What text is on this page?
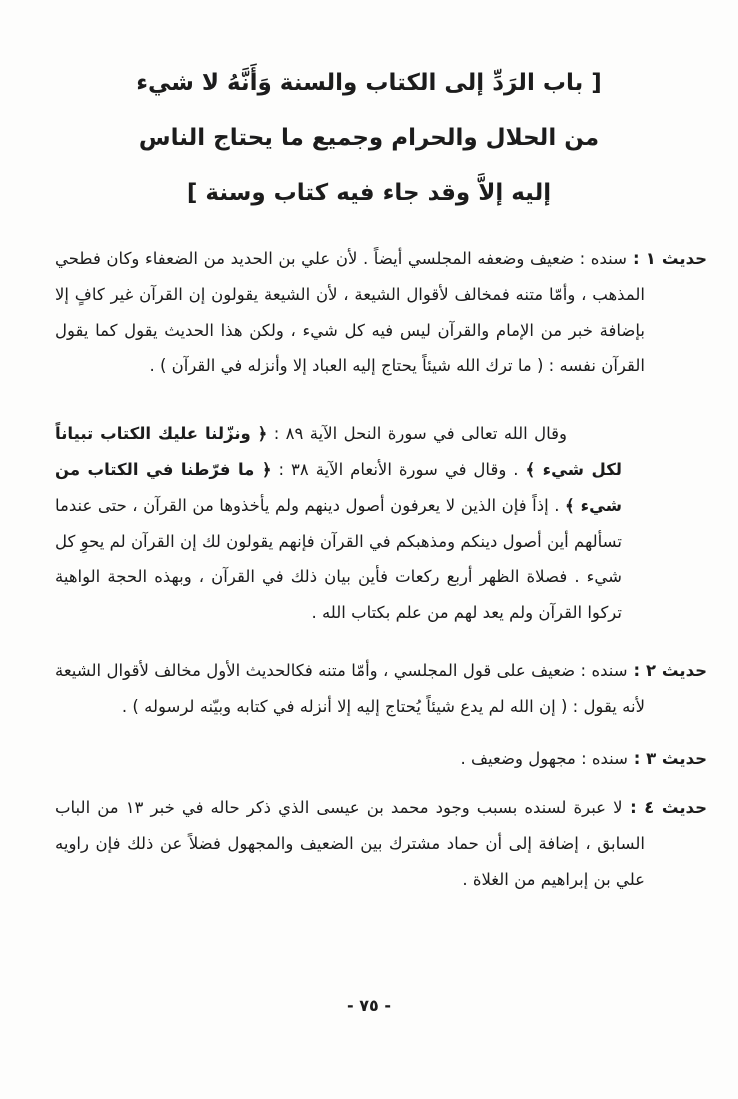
[ باب الرَدِّ إلى الكتاب والسنة وَأَنَّهُ لا شيء
من الحلال والحرام وجميع ما يحتاج الناس
إليه إلاَّ وقد جاء فيه كتاب وسنة ]

حديث ١ : سنده : ضعيف وضعفه المجلسي أيضاً . لأن علي بن الحديد من الضعفاء وكان فطحي المذهب ، وأمّا متنه فمخالف لأقوال الشيعة ، لأن الشيعة يقولون إن القرآن غير كافٍ إلا بإضافة خبر من الإمام والقرآن ليس فيه كل شيء ، ولكن هذا الحديث يقول كما يقول القرآن نفسه : ( ما ترك الله شيئاً يحتاج إليه العباد إلا وأنزله في القرآن ) .

وقال الله تعالى في سورة النحل الآية ٨٩ : ﴿ ونزّلنا عليك الكتاب تبياناً لكل شيء ﴾ . وقال في سورة الأنعام الآية ٣٨ : ﴿ ما فرّطنا في الكتاب من شيء ﴾ . إذاً فإن الذين لا يعرفون أصول دينهم ولم يأخذوها من القرآن ، حتى عندما تسألهم أين أصول دينكم ومذهبكم في القرآن فإنهم يقولون لك إن القرآن لم يحوِ كل شيء . فصلاة الظهر أربع ركعات فأين بيان ذلك في القرآن ، وبهذه الحجة الواهية تركوا القرآن ولم يعد لهم من علم بكتاب الله .

حديث ٢ : سنده : ضعيف على قول المجلسي ، وأمّا متنه فكالحديث الأول مخالف لأقوال الشيعة لأنه يقول : ( إن الله لم يدع شيئاً يُحتاج إليه إلا أنزله في كتابه وبيّنه لرسوله ) .

حديث ٣ : سنده : مجهول وضعيف .

حديث ٤ : لا عبرة لسنده بسبب وجود محمد بن عيسى الذي ذكر حاله في خبر ١٣ من الباب السابق ، إضافة إلى أن حماد مشترك بين الضعيف والمجهول فضلاً عن ذلك فإن راويه علي بن إبراهيم من الغلاة .

- ٧٥ -
